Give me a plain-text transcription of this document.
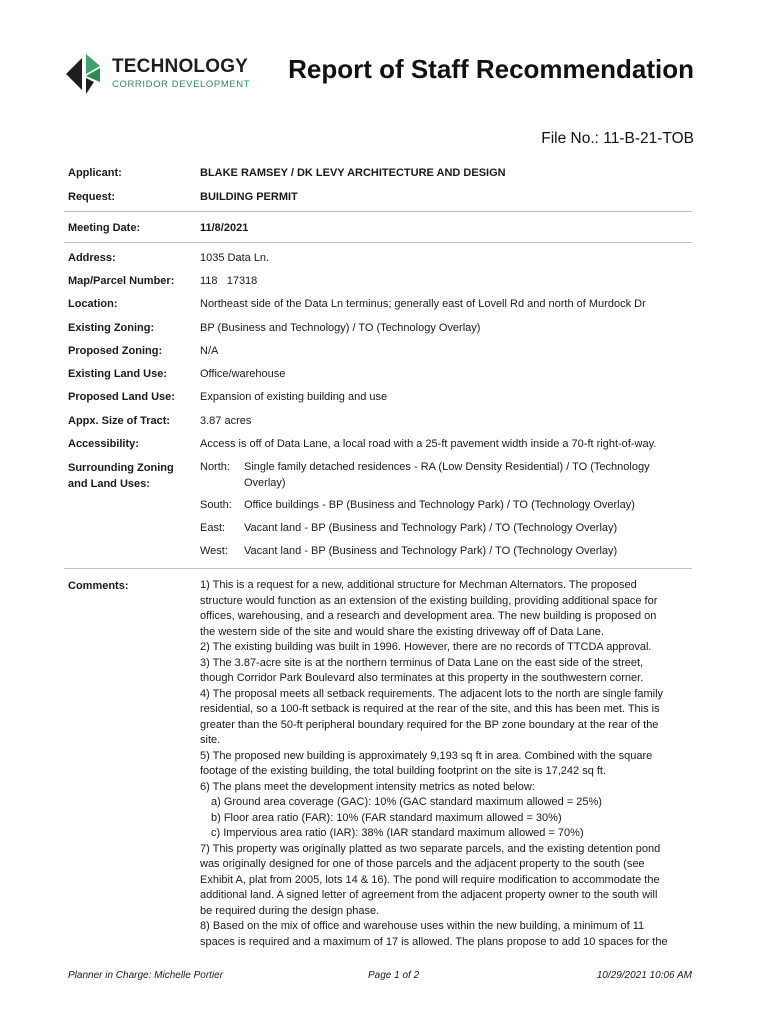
TECHNOLOGY
CORRIDOR DEVELOPMENT
Report of Staff Recommendation
File No.: 11-B-21-TOB
Applicant:	BLAKE RAMSEY / DK LEVY ARCHITECTURE AND DESIGN
Request:	BUILDING PERMIT
Meeting Date:	11/8/2021
Address:	1035 Data Ln.
Map/Parcel Number:	118   17318
Location:	Northeast side of the Data Ln terminus; generally east of Lovell Rd and north of Murdock Dr
Existing Zoning:	BP (Business and Technology) / TO (Technology Overlay)
Proposed Zoning:	N/A
Existing Land Use:	Office/warehouse
Proposed Land Use:	Expansion of existing building and use
Appx. Size of Tract:	3.87 acres
Accessibility:	Access is off of Data Lane, a local road with a 25-ft pavement width inside a 70-ft right-of-way.
Surrounding Zoning
and Land Uses:
North:	Single family detached residences - RA (Low Density Residential) / TO (Technology
Overlay)
South:	Office buildings - BP (Business and Technology Park) / TO (Technology Overlay)
East:	Vacant land - BP (Business and Technology Park) / TO (Technology Overlay)
West:	Vacant land - BP (Business and Technology Park) / TO (Technology Overlay)
Comments:	1) This is a request for a new, additional structure for Mechman Alternators. The proposed

structure would function as an extension of the existing building, providing additional space for

offices, warehousing, and a research and development area. The new building is proposed on

the western side of the site and would share the existing driveway off of Data Lane.

2) The existing building was built in 1996. However, there are no records of TTCDA approval.

3) The 3.87-acre site is at the northern terminus of Data Lane on the east side of the street,

though Corridor Park Boulevard also terminates at this property in the southwestern corner.

4) The proposal meets all setback requirements. The adjacent lots to the north are single family

residential, so a 100-ft setback is required at the rear of the site, and this has been met. This is

greater than the 50-ft peripheral boundary required for the BP zone boundary at the rear of the

site.

5) The proposed new building is approximately 9,193 sq ft in area. Combined with the square

footage of the existing building, the total building footprint on the site is 17,242 sq ft.

6) The plans meet the development intensity metrics as noted below:

a) Ground area coverage (GAC): 10% (GAC standard maximum allowed = 25%)

b) Floor area ratio (FAR): 10% (FAR standard maximum allowed = 30%)

c) Impervious area ratio (IAR): 38% (IAR standard maximum allowed = 70%)

7) This property was originally platted as two separate parcels, and the existing detention pond

was originally designed for one of those parcels and the adjacent property to the south (see

Exhibit A, plat from 2005, lots 14 & 16). The pond will require modification to accommodate the

additional land. A signed letter of agreement from the adjacent property owner to the south will

be required during the design phase.

8) Based on the mix of office and warehouse uses within the new building, a minimum of 11

spaces is required and a maximum of 17 is allowed. The plans propose to add 10 spaces for the

Planner in Charge: Michelle Portier	Page 1 of 2	10/29/2021 10:06 AM
